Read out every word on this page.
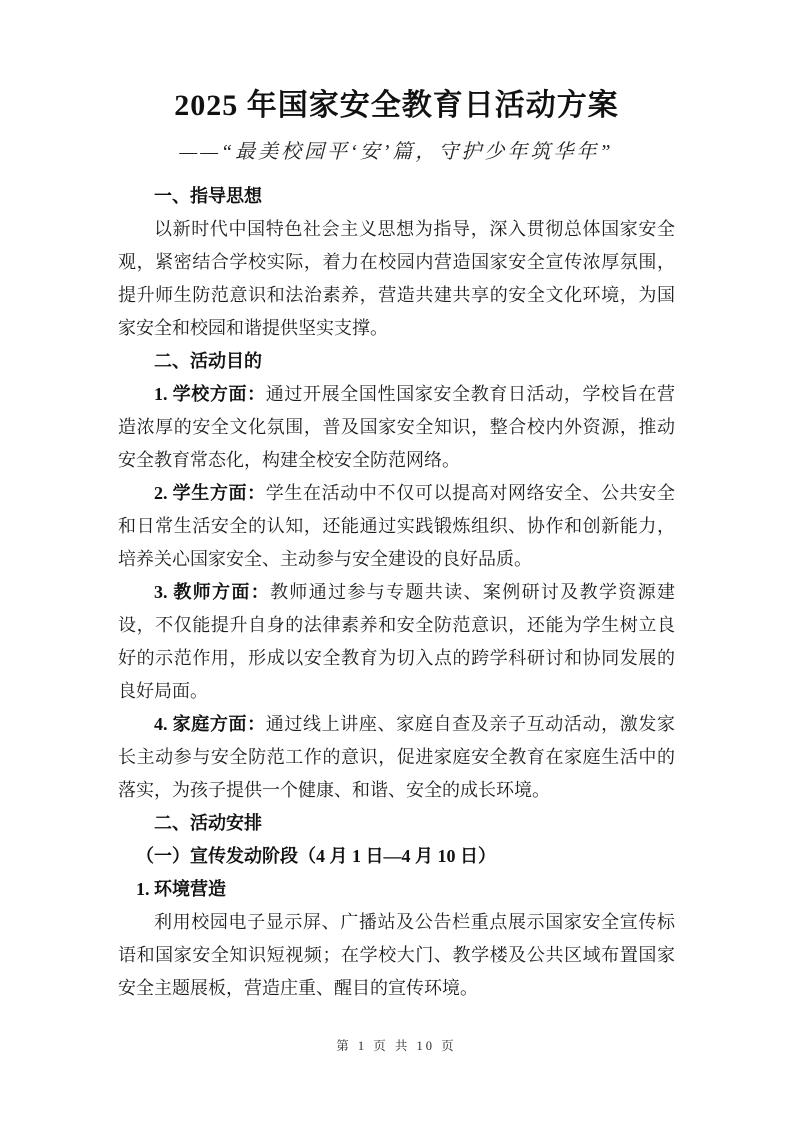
2025 年国家安全教育日活动方案

——“最美校园平‘安’篇，守护少年筑华年”

一、指导思想

以新时代中国特色社会主义思想为指导，深入贯彻总体国家安全观，紧密结合学校实际，着力在校园内营造国家安全宣传浓厚氛围，提升师生防范意识和法治素养，营造共建共享的安全文化环境，为国家安全和校园和谐提供坚实支撑。

二、活动目的

1. 学校方面：通过开展全国性国家安全教育日活动，学校旨在营造浓厚的安全文化氛围，普及国家安全知识，整合校内外资源，推动安全教育常态化，构建全校安全防范网络。

2. 学生方面：学生在活动中不仅可以提高对网络安全、公共安全和日常生活安全的认知，还能通过实践锻炼组织、协作和创新能力，培养关心国家安全、主动参与安全建设的良好品质。

3. 教师方面：教师通过参与专题共读、案例研讨及教学资源建设，不仅能提升自身的法律素养和安全防范意识，还能为学生树立良好的示范作用，形成以安全教育为切入点的跨学科研讨和协同发展的良好局面。

4. 家庭方面：通过线上讲座、家庭自查及亲子互动活动，激发家长主动参与安全防范工作的意识，促进家庭安全教育在家庭生活中的落实，为孩子提供一个健康、和谐、安全的成长环境。

二、活动安排

（一）宣传发动阶段（4 月 1 日—4 月 10 日）

1. 环境营造

利用校园电子显示屏、广播站及公告栏重点展示国家安全宣传标语和国家安全知识短视频；在学校大门、教学楼及公共区域布置国家安全主题展板，营造庄重、醒目的宣传环境。

第 1 页 共 10 页
